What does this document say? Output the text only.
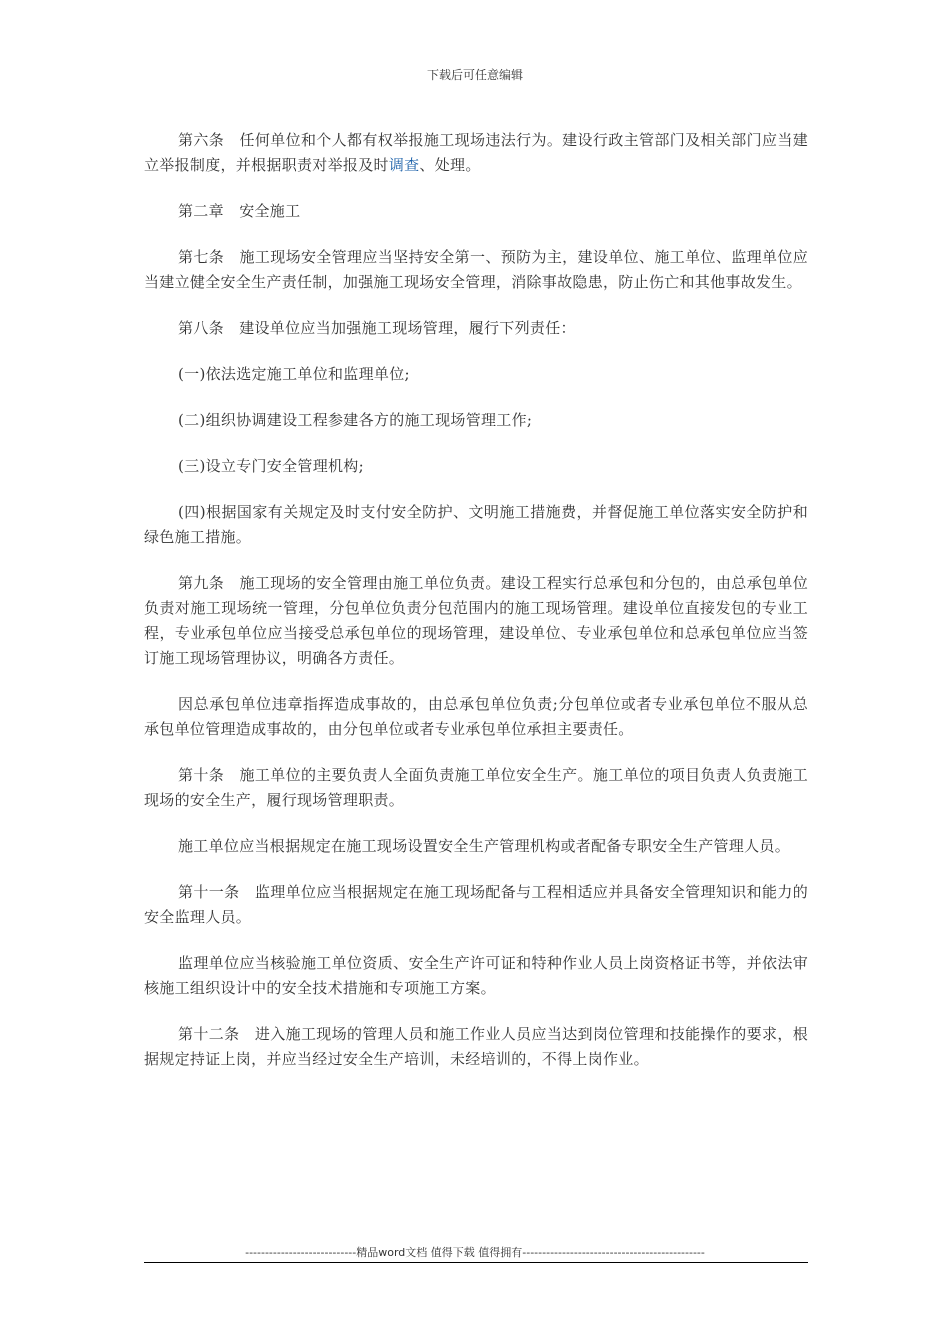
下载后可任意编辑

第六条　任何单位和个人都有权举报施工现场违法行为。建设行政主管部门及相关部门应当建立举报制度，并根据职责对举报及时调查、处理。

第二章　安全施工

第七条　施工现场安全管理应当坚持安全第一、预防为主，建设单位、施工单位、监理单位应当建立健全安全生产责任制，加强施工现场安全管理，消除事故隐患，防止伤亡和其他事故发生。

第八条　建设单位应当加强施工现场管理，履行下列责任：

(一)依法选定施工单位和监理单位;

(二)组织协调建设工程参建各方的施工现场管理工作;

(三)设立专门安全管理机构;

(四)根据国家有关规定及时支付安全防护、文明施工措施费，并督促施工单位落实安全防护和绿色施工措施。

第九条　施工现场的安全管理由施工单位负责。建设工程实行总承包和分包的，由总承包单位负责对施工现场统一管理，分包单位负责分包范围内的施工现场管理。建设单位直接发包的专业工程，专业承包单位应当接受总承包单位的现场管理，建设单位、专业承包单位和总承包单位应当签订施工现场管理协议，明确各方责任。

因总承包单位违章指挥造成事故的，由总承包单位负责;分包单位或者专业承包单位不服从总承包单位管理造成事故的，由分包单位或者专业承包单位承担主要责任。

第十条　施工单位的主要负责人全面负责施工单位安全生产。施工单位的项目负责人负责施工现场的安全生产，履行现场管理职责。

施工单位应当根据规定在施工现场设置安全生产管理机构或者配备专职安全生产管理人员。

第十一条　监理单位应当根据规定在施工现场配备与工程相适应并具备安全管理知识和能力的安全监理人员。

监理单位应当核验施工单位资质、安全生产许可证和特种作业人员上岗资格证书等，并依法审核施工组织设计中的安全技术措施和专项施工方案。

第十二条　进入施工现场的管理人员和施工作业人员应当达到岗位管理和技能操作的要求，根据规定持证上岗，并应当经过安全生产培训，未经培训的，不得上岗作业。

----------------------------精品word文档 值得下载 值得拥有----------------------------------------------
